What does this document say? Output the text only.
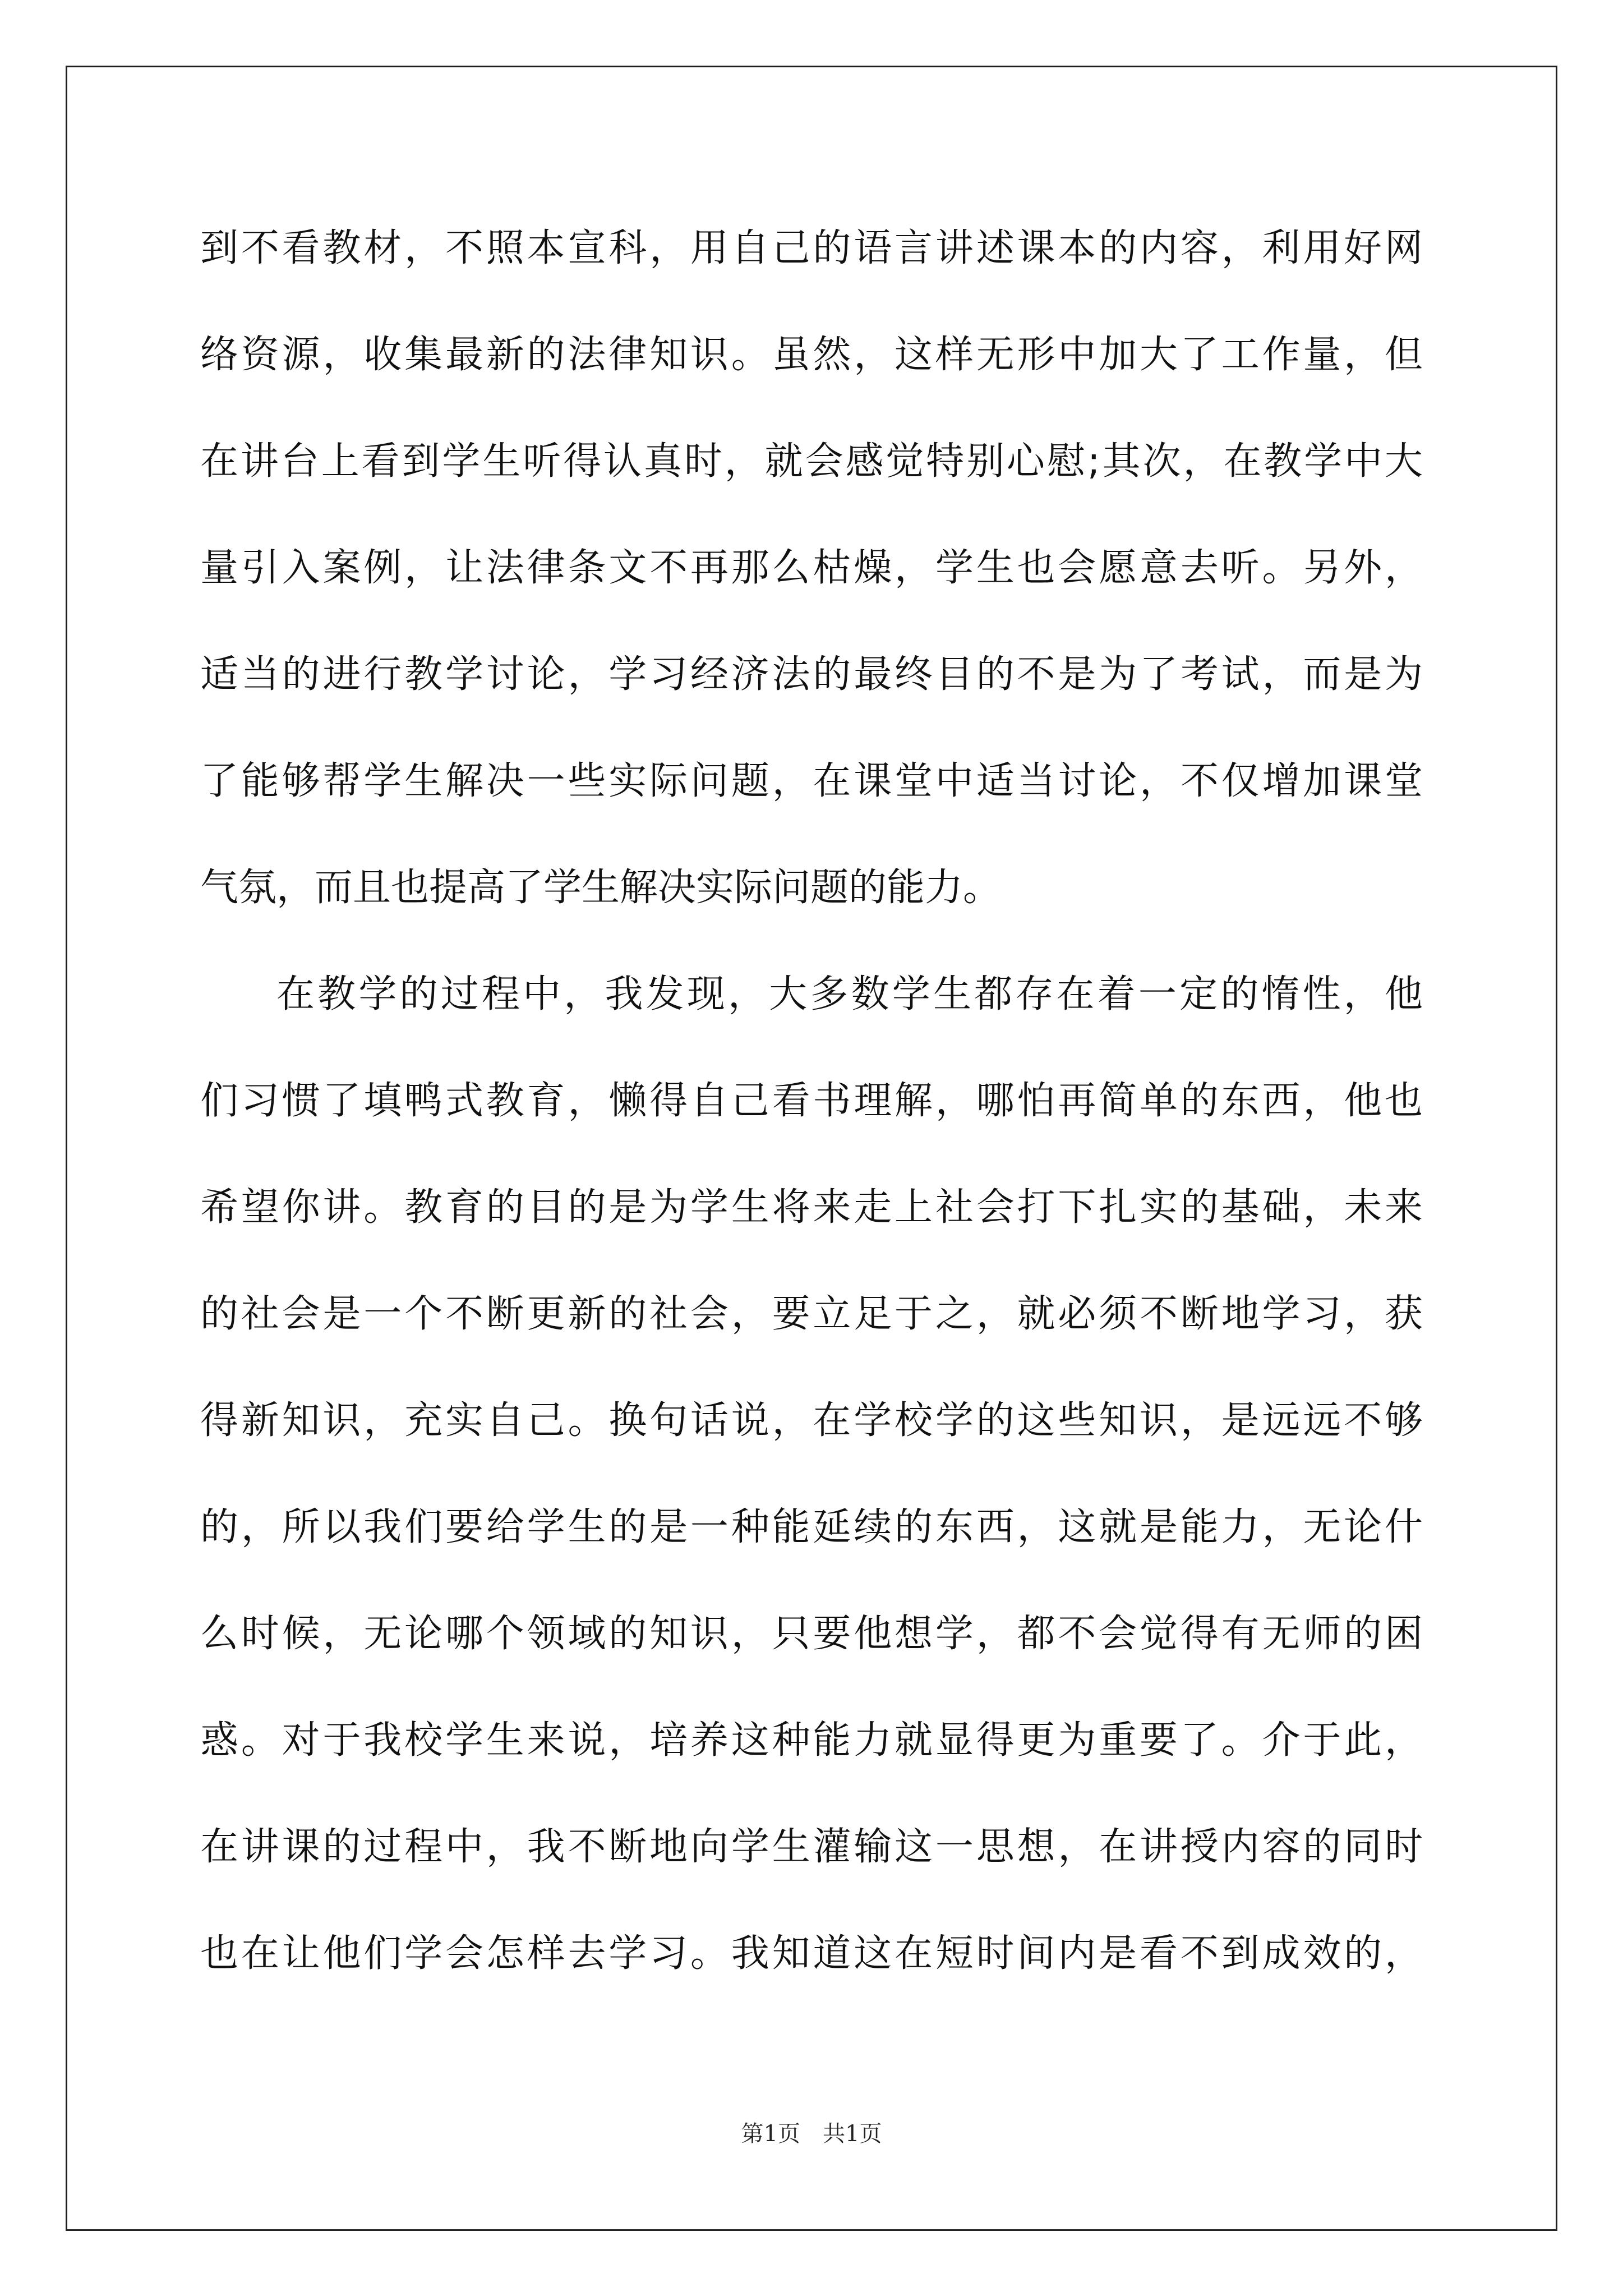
到不看教材，不照本宣科，用自己的语言讲述课本的内容，利用好网
络资源，收集最新的法律知识。虽然，这样无形中加大了工作量，但
在讲台上看到学生听得认真时，就会感觉特别心慰;其次，在教学中大
量引入案例，让法律条文不再那么枯燥，学生也会愿意去听。另外，
适当的进行教学讨论，学习经济法的最终目的不是为了考试，而是为
了能够帮学生解决一些实际问题，在课堂中适当讨论，不仅增加课堂
气氛，而且也提高了学生解决实际问题的能力。
在教学的过程中，我发现，大多数学生都存在着一定的惰性，他
们习惯了填鸭式教育，懒得自己看书理解，哪怕再简单的东西，他也
希望你讲。教育的目的是为学生将来走上社会打下扎实的基础，未来
的社会是一个不断更新的社会，要立足于之，就必须不断地学习，获
得新知识，充实自己。换句话说，在学校学的这些知识，是远远不够
的，所以我们要给学生的是一种能延续的东西，这就是能力，无论什
么时候，无论哪个领域的知识，只要他想学，都不会觉得有无师的困
惑。对于我校学生来说，培养这种能力就显得更为重要了。介于此，
在讲课的过程中，我不断地向学生灌输这一思想，在讲授内容的同时
也在让他们学会怎样去学习。我知道这在短时间内是看不到成效的，
第1页　共1页
